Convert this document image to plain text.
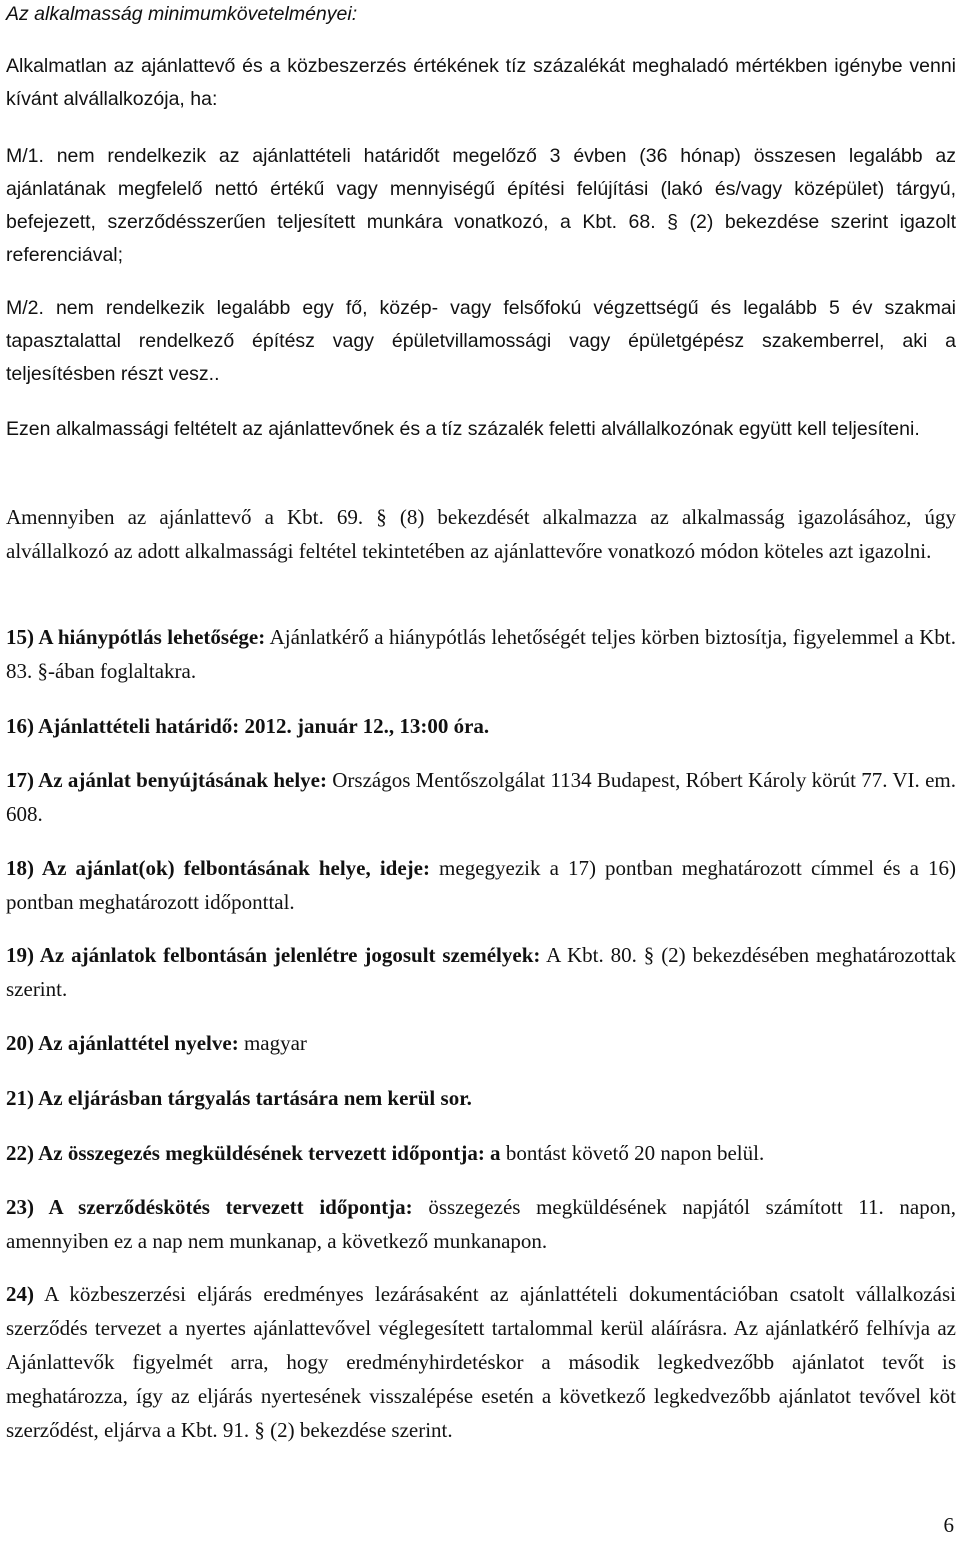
Az alkalmasság minimumkövetelményei:

Alkalmatlan az ajánlattevő és a közbeszerzés értékének tíz százalékát meghaladó mértékben igénybe venni kívánt alvállalkozója, ha:

M/1. nem rendelkezik az ajánlattételi határidőt megelőző 3 évben (36 hónap) összesen legalább az ajánlatának megfelelő nettó értékű vagy mennyiségű építési felújítási (lakó és/vagy középület) tárgyú, befejezett, szerződésszerűen teljesített munkára vonatkozó, a Kbt. 68. § (2) bekezdése szerint igazolt referenciával;

M/2. nem rendelkezik legalább egy fő, közép- vagy felsőfokú végzettségű és legalább 5 év szakmai tapasztalattal rendelkező építész vagy épületvillamossági vagy épületgépész szakemberrel, aki a teljesítésben részt vesz..

Ezen alkalmassági feltételt az ajánlattevőnek és a tíz százalék feletti alvállalkozónak együtt kell teljesíteni.

Amennyiben az ajánlattevő a Kbt. 69. § (8) bekezdését alkalmazza az alkalmasság igazolásához, úgy alvállalkozó az adott alkalmassági feltétel tekintetében az ajánlattevőre vonatkozó módon köteles azt igazolni.

15) A hiánypótlás lehetősége: Ajánlatkérő a hiánypótlás lehetőségét teljes körben biztosítja, figyelemmel a Kbt. 83. §-ában foglaltakra.

16) Ajánlattételi határidő: 2012. január 12., 13:00 óra.

17) Az ajánlat benyújtásának helye: Országos Mentőszolgálat 1134 Budapest, Róbert Károly körút 77. VI. em. 608.

18) Az ajánlat(ok) felbontásának helye, ideje: megegyezik a 17) pontban meghatározott címmel és a 16) pontban meghatározott időponttal.

19) Az ajánlatok felbontásán jelenlétre jogosult személyek: A Kbt. 80. § (2) bekezdésében meghatározottak szerint.

20) Az ajánlattétel nyelve: magyar

21) Az eljárásban tárgyalás tartására nem kerül sor.

22) Az összegezés megküldésének tervezett időpontja: a bontást követő 20 napon belül.

23) A szerződéskötés tervezett időpontja: összegezés megküldésének napjától számított 11. napon, amennyiben ez a nap nem munkanap, a következő munkanapon.

24) A közbeszerzési eljárás eredményes lezárásaként az ajánlattételi dokumentációban csatolt vállalkozási szerződés tervezet a nyertes ajánlattevővel véglegesített tartalommal kerül aláírásra. Az ajánlatkérő felhívja az Ajánlattevők figyelmét arra, hogy eredményhirdetéskor a második legkedvezőbb ajánlatot tevőt is meghatározza, így az eljárás nyertesének visszalépése esetén a következő legkedvezőbb ajánlatot tevővel köt szerződést, eljárva a Kbt. 91. § (2) bekezdése szerint.

6
